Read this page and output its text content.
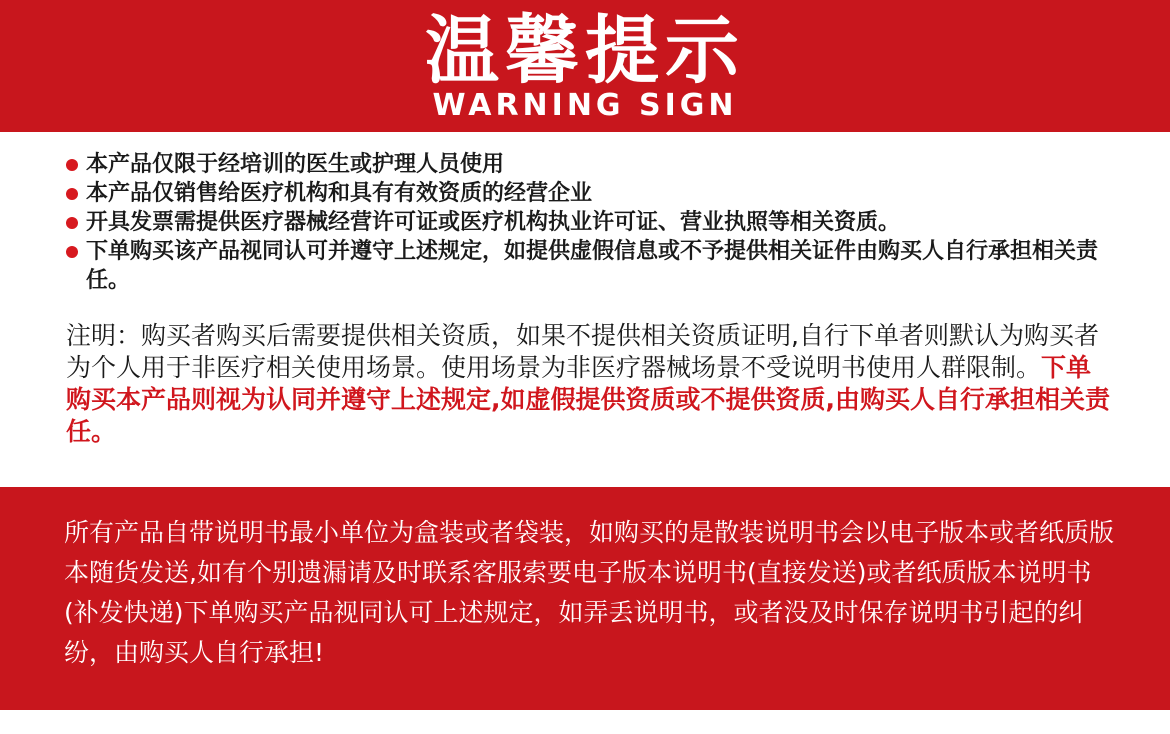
温馨提示
WARNING SIGN
本产品仅限于经培训的医生或护理人员使用
本产品仅销售给医疗机构和具有有效资质的经营企业
开具发票需提供医疗器械经营许可证或医疗机构执业许可证、营业执照等相关资质。
下单购买该产品视同认可并遵守上述规定，如提供虚假信息或不予提供相关证件由购买人自行承担相关责任。

注明：购买者购买后需要提供相关资质，如果不提供相关资质证明,自行下单者则默认为购买者为个人用于非医疗相关使用场景。使用场景为非医疗器械场景不受说明书使用人群限制。下单购买本产品则视为认同并遵守上述规定,如虚假提供资质或不提供资质,由购买人自行承担相关责任。

所有产品自带说明书最小单位为盒装或者袋装，如购买的是散装说明书会以电子版本或者纸质版本随货发送,如有个别遗漏请及时联系客服索要电子版本说明书(直接发送)或者纸质版本说明书(补发快递)下单购买产品视同认可上述规定，如弄丢说明书，或者没及时保存说明书引起的纠纷，由购买人自行承担!
